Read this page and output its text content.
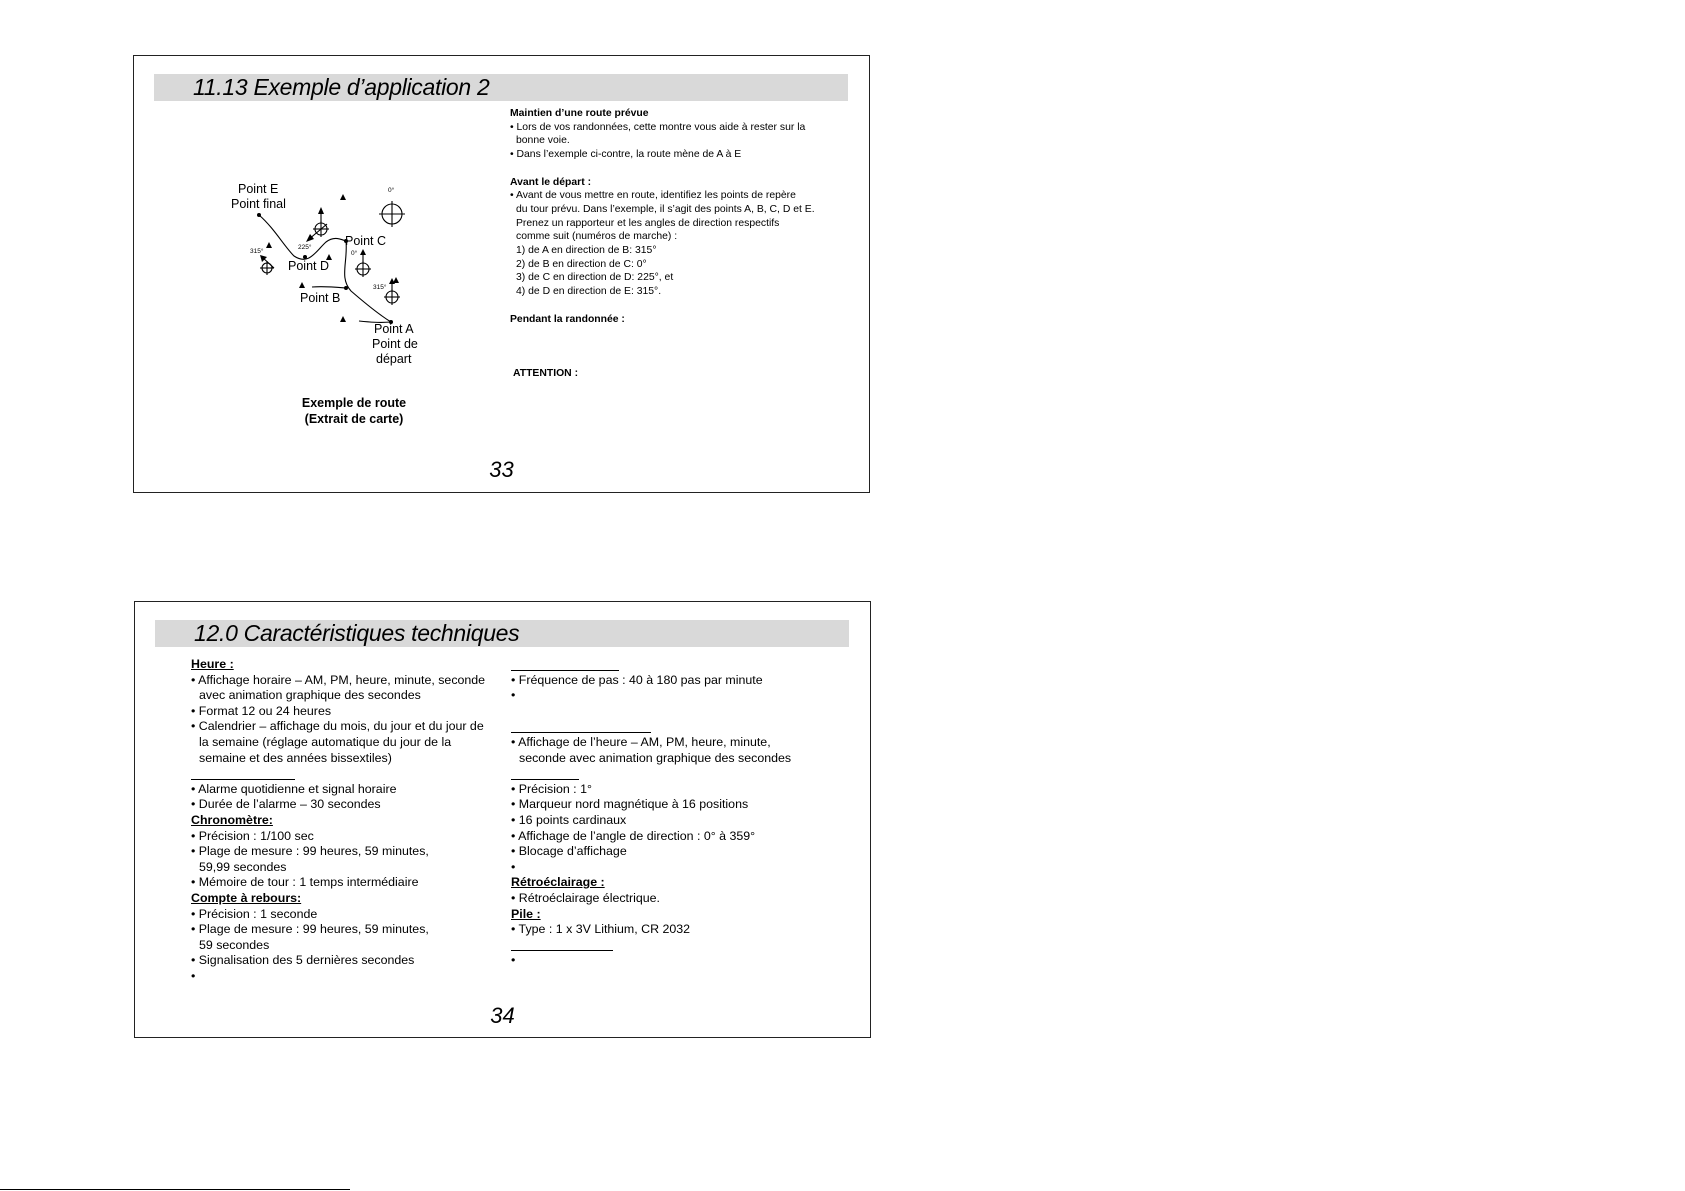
11.13 Exemple d’application 2
Point E
Point final
Point C
Point D
Point B
Point A
Point de
départ
0°
315°
225°
0°
315°
Exemple de route
(Extrait de carte)
Maintien d’une route prévue
• Lors de vos randonnées, cette montre vous aide à rester sur la
bonne voie.
• Dans l’exemple ci-contre, la route mène de A à E
Avant le départ :
• Avant de vous mettre en route, identifiez les points de repère
du tour prévu. Dans l’exemple, il s’agit des points A, B, C, D et E.
Prenez un rapporteur et les angles de direction respectifs
comme suit (numéros de marche) :
1) de A en direction de B: 315°
2) de B en direction de C: 0°
3) de C en direction de D: 225°, et
4) de D en direction de E: 315°.
Pendant la randonnée :
ATTENTION :
33
12.0 Caractéristiques techniques
Heure :
• Affichage horaire – AM, PM, heure, minute, seconde
avec animation graphique des secondes
• Format 12 ou 24 heures
• Calendrier – affichage du mois, du jour et du jour de
la semaine (réglage automatique du jour de la
semaine et des années bissextiles)
• Alarme quotidienne et signal horaire
• Durée de l’alarme – 30 secondes
Chronomètre:
• Précision : 1/100 sec
• Plage de mesure : 99 heures, 59 minutes,
59,99 secondes
• Mémoire de tour : 1 temps intermédiaire
Compte à rebours:
• Précision : 1 seconde
• Plage de mesure : 99 heures, 59 minutes,
59 secondes
• Signalisation des 5 dernières secondes
•
• Fréquence de pas : 40 à 180 pas par minute
•
• Affichage de l’heure – AM, PM, heure, minute,
seconde avec animation graphique des secondes
• Précision : 1°
• Marqueur nord magnétique à 16 positions
• 16 points cardinaux
• Affichage de l’angle de direction : 0° à 359°
• Blocage d’affichage
•
Rétroéclairage :
• Rétroéclairage électrique.
Pile :
• Type : 1 x 3V Lithium, CR 2032
•
34
